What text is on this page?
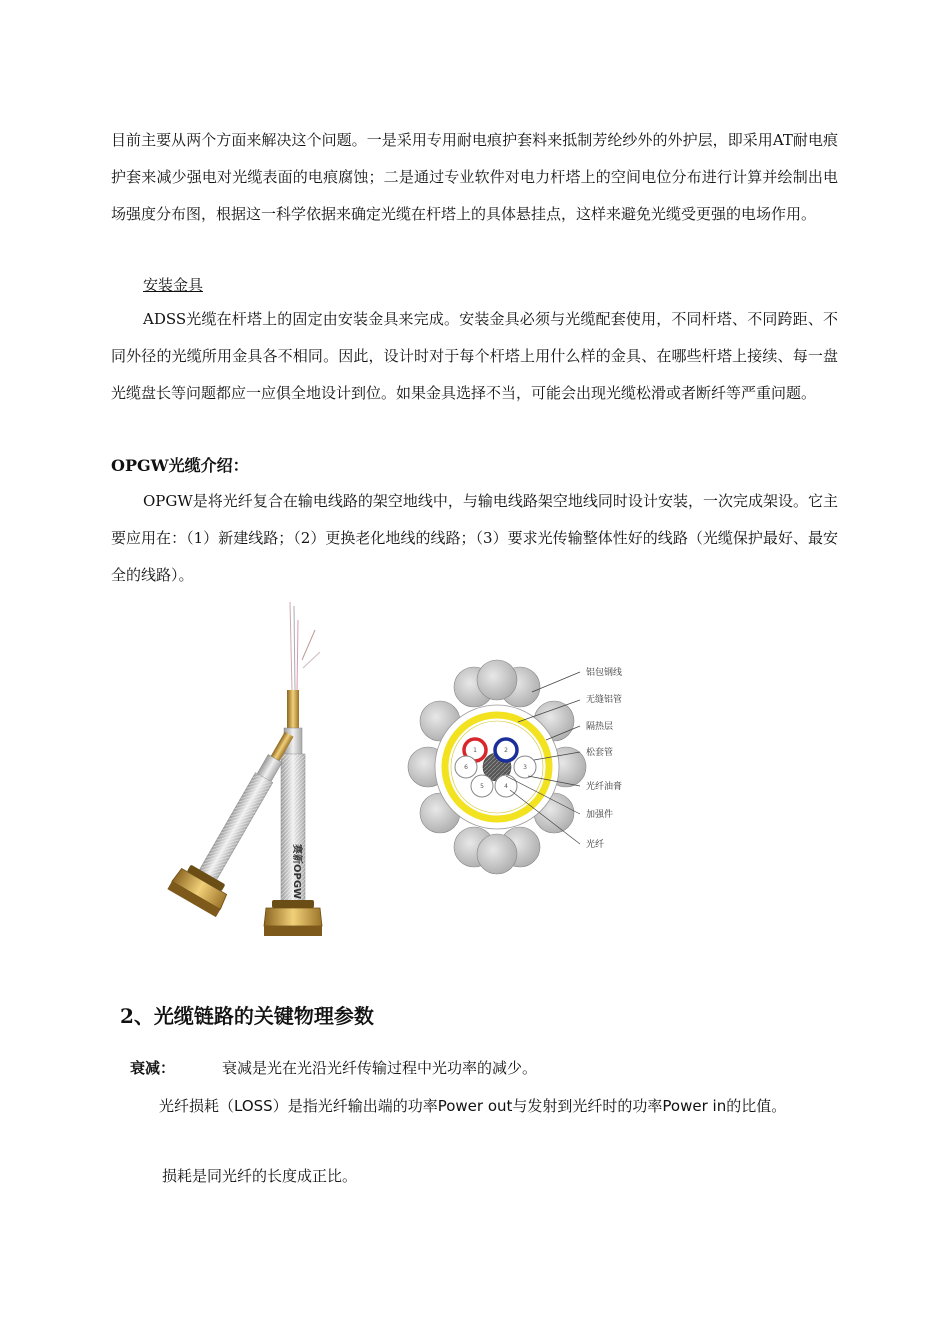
目前主要从两个方面来解决这个问题。一是采用专用耐电痕护套料来抵制芳纶纱外的外护层，即采用AT耐电痕护套来减少强电对光缆表面的电痕腐蚀；二是通过专业软件对电力杆塔上的空间电位分布进行计算并绘制出电场强度分布图，根据这一科学依据来确定光缆在杆塔上的具体悬挂点，这样来避免光缆受更强的电场作用。

安装金具

ADSS光缆在杆塔上的固定由安装金具来完成。安装金具必须与光缆配套使用，不同杆塔、不同跨距、不同外径的光缆所用金具各不相同。因此，设计时对于每个杆塔上用什么样的金具、在哪些杆塔上接续、每一盘光缆盘长等问题都应一应俱全地设计到位。如果金具选择不当，可能会出现光缆松滑或者断纤等严重问题。

OPGW光缆介绍：

OPGW是将光纤复合在输电线路的架空地线中，与输电线路架空地线同时设计安装，一次完成架设。它主要应用在：（1）新建线路；（2）更换老化地线的线路；（3）要求光传输整体性好的线路（光缆保护最好、最安全的线路）。

赛新OPGW
1	2
3
4
5
6
铝包钢线
无缝铝管
隔热层
松套管
光纤油膏
加强件
光纤

2、光缆链路的关键物理参数

衰减：	衰减是光在光沿光纤传输过程中光功率的减少。

光纤损耗（LOSS）是指光纤输出端的功率Power out与发射到光纤时的功率Power in的比值。

损耗是同光纤的长度成正比。
